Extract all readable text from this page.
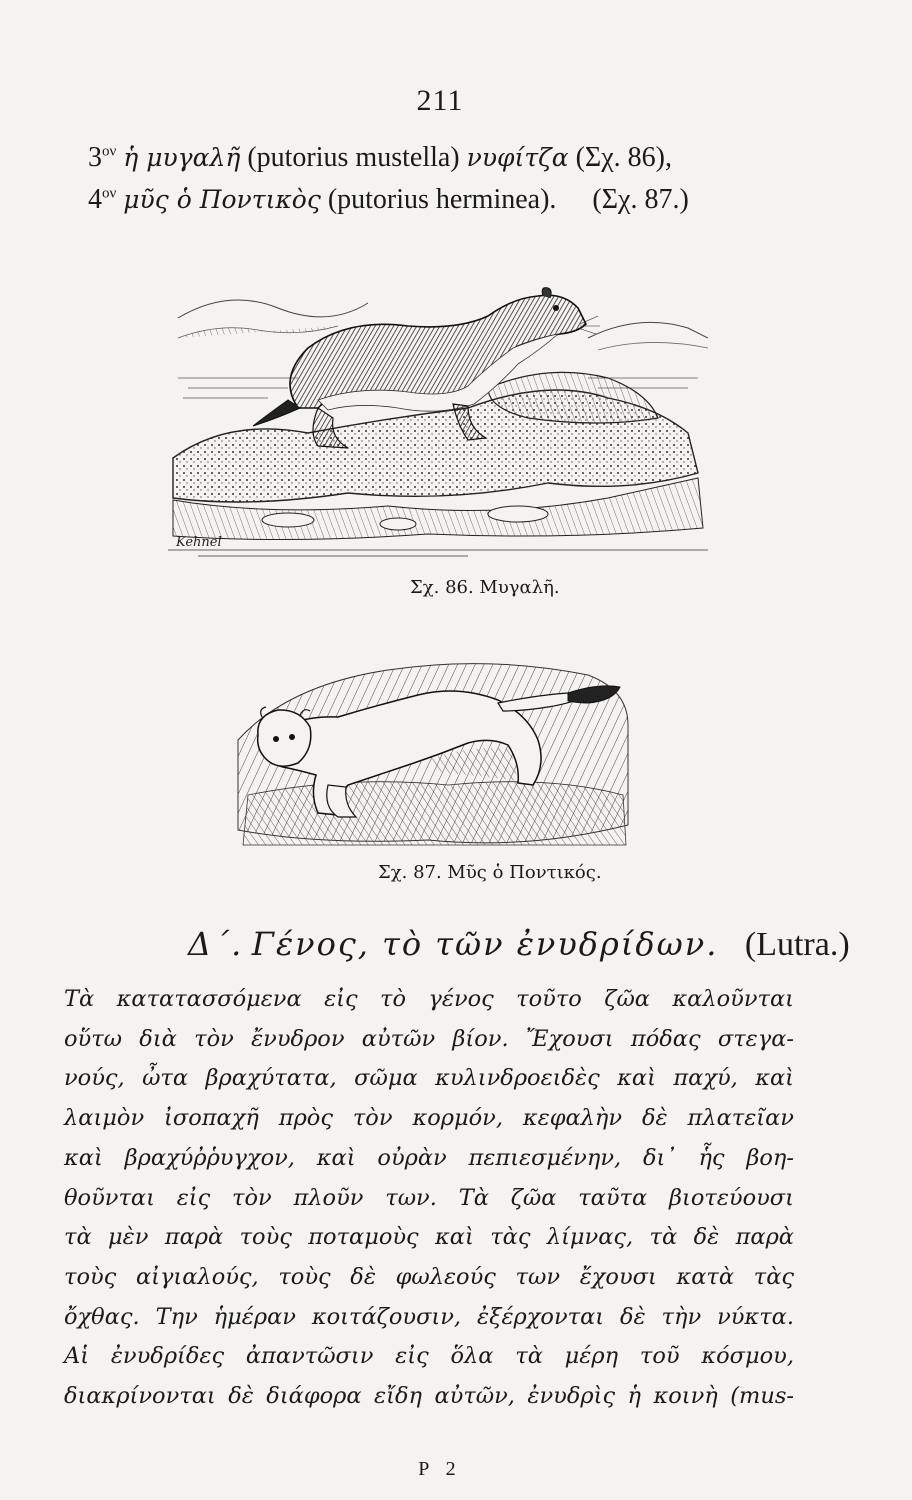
211
$3^{o\nu}$ ἡ μυγαλῆ (putorius mustella) νυφίτζα (Σχ. 86),
$4^{o\nu}$ μῦς ὁ Ποντικὸς (putorius herminea). (Σχ. 87.)
Kehnel
Σχ. 86. Μυγαλῆ.
Σχ. 87. Μῦς ὁ Ποντικός.
Δ΄. Γένος, τὸ τῶν ἐνυδρίδων. (Lutra.)
Τὰ κατατασσόμενα εἰς τὸ γένος τοῦτο ζῶα καλοῦνται
οὕτω διὰ τὸν ἔνυδρον αὐτῶν βίον. Ἔχουσι πόδας στεγα-
νούς, ὦτα βραχύτατα, σῶμα κυλινδροειδὲς καὶ παχύ, καὶ
λαιμὸν ἰσοπαχῆ πρὸς τὸν κορμόν, κεφαλὴν δὲ πλατεῖαν
καὶ βραχύῤῥυγχον, καὶ οὐρὰν πεπιεσμένην, δι᾽ ἧς βοη-
θοῦνται εἰς τὸν πλοῦν των. Τὰ ζῶα ταῦτα βιοτεύουσι
τὰ μὲν παρὰ τοὺς ποταμοὺς καὶ τὰς λίμνας, τὰ δὲ παρὰ
τοὺς αἰγιαλούς, τοὺς δὲ φωλεούς των ἔχουσι κατὰ τὰς
ὄχθας. Την ἡμέραν κοιτάζουσιν, ἐξέρχονται δὲ τὴν νύκτα.
Αἱ ἐνυδρίδες ἀπαντῶσιν εἰς ὅλα τὰ μέρη τοῦ κόσμου,
διακρίνονται δὲ διάφορα εἴδη αὐτῶν, ἐνυδρὶς ἡ κοινὴ (mus-
P 2
